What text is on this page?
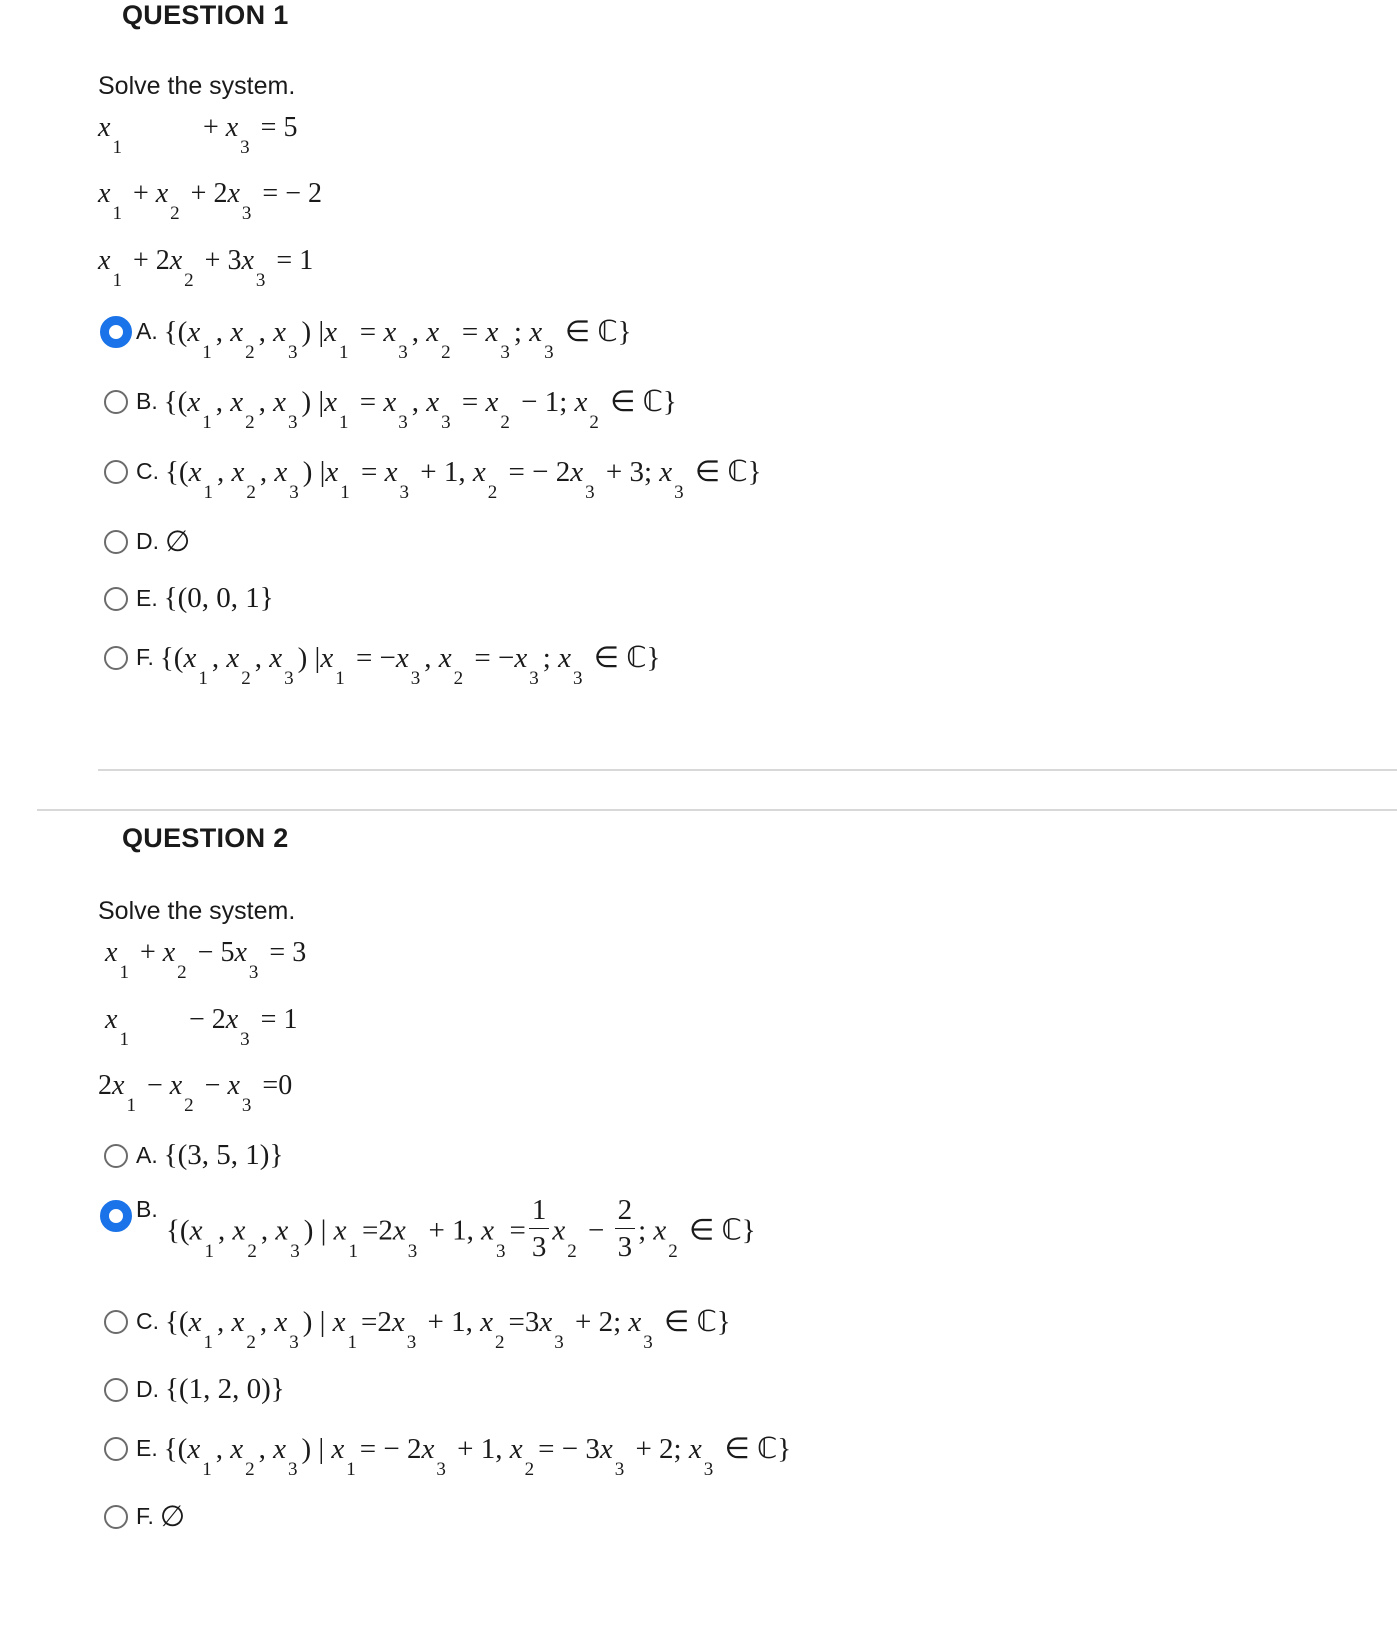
QUESTION 1
Solve the system.
$x_1$           + $x_3 = 5$
$x_1 + x_2 + 2x_3$ = − 2
$x_1 + 2x_2 + 3x_3 = 1$
A. {($x_1$, $x_2$, $x_3$) $|x_1 = x_3$, $x_2 = x_3$; $x_3$ ∈ ℂ}
B. {($x_1$, $x_2$, $x_3$) $|x_1 = x_3$, $x_3 = x_2 - 1$; $x_2$ ∈ ℂ}
C. {($x_1$, $x_2$, $x_3$) $|x_1 = x_3 + 1$, $x_2$ = − $2x_3 + 3$; $x_3$ ∈ ℂ}
D. ∅
E. {(0, 0, 1}
F. {($x_1$, $x_2$, $x_3$) $|x_1 = -x_3$, $x_2 = -x_3$; $x_3$ ∈ ℂ}
QUESTION 2
Solve the system.
$x_1 + x_2 - 5x_3 = 3$
$x_1$        − $2x_3 = 1$
$2x_1 - x_2 - x_3 =0$
A. {(3, 5, 1)}
B.
{($x_1$, $x_2$, $x_3$) | $x_1=2x_3 + 1$, $x_3= \frac{1}{3} x_2 - \frac{2}{3}$ ; $x_2$ ∈ ℂ}
C. {($x_1$, $x_2$, $x_3$) | $x_1=2x_3 + 1$, $x_2=3x_3 + 2$; $x_3$ ∈ ℂ}
D. {(1, 2, 0)}
E. {($x_1$, $x_2$, $x_3$) | $x_1= - 2x_3 + 1$, $x_2= - 3x_3 + 2$; $x_3$ ∈ ℂ}
F. ∅
